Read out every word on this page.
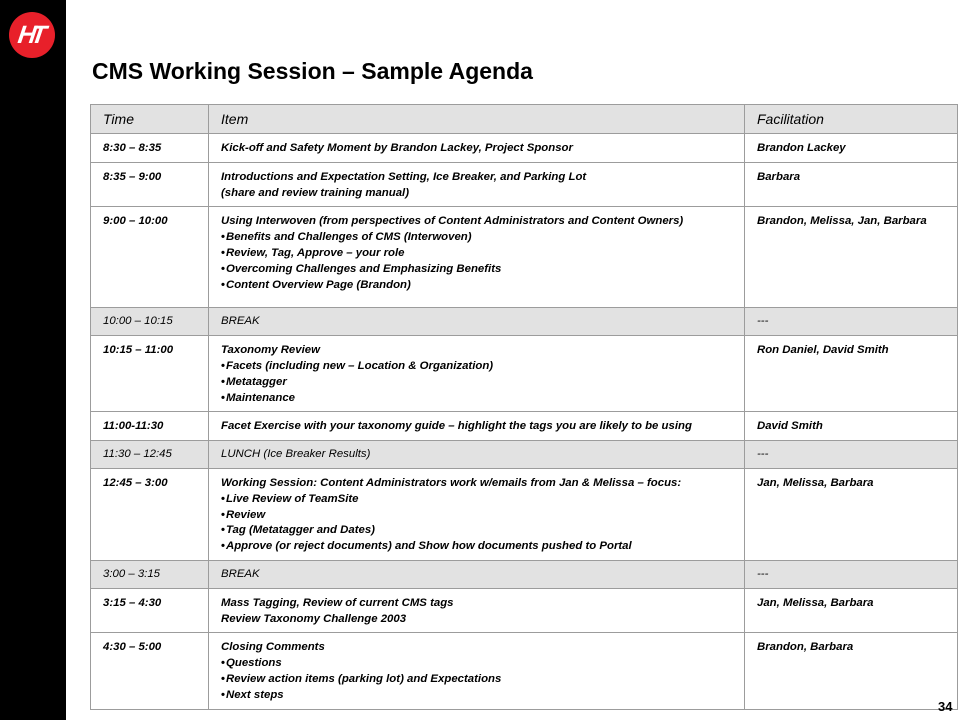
HT
CMS Working Session – Sample Agenda
Time	Item	Facilitation
8:30 – 8:35	Kick-off and Safety Moment by Brandon Lackey, Project Sponsor	Brandon Lackey
8:35 – 9:00	Introductions and Expectation Setting, Ice Breaker, and Parking Lot
(share and review training manual)	Barbara
9:00 – 10:00	Using Interwoven (from perspectives of Content Administrators and Content Owners)
• Benefits and Challenges of CMS (Interwoven)
• Review, Tag, Approve – your role
• Overcoming Challenges and Emphasizing Benefits
• Content Overview Page (Brandon)	Brandon, Melissa, Jan, Barbara
10:00 – 10:15	BREAK	---
10:15 – 11:00	Taxonomy Review
• Facets (including new – Location & Organization)
• Metatagger
• Maintenance	Ron Daniel, David Smith
11:00-11:30	Facet Exercise with your taxonomy guide – highlight the tags you are likely to be using	David Smith
11:30 – 12:45	LUNCH (Ice Breaker Results)	---
12:45 – 3:00	Working Session: Content Administrators work w/emails from Jan & Melissa – focus:
• Live Review of TeamSite
• Review
• Tag (Metatagger and Dates)
• Approve (or reject documents) and Show how documents pushed to Portal	Jan, Melissa, Barbara
3:00 – 3:15	BREAK	---
3:15 – 4:30	Mass Tagging, Review of current CMS tags
Review Taxonomy Challenge 2003	Jan, Melissa, Barbara
4:30 – 5:00	Closing Comments
• Questions
• Review action items (parking lot) and Expectations
• Next steps	Brandon, Barbara
34
